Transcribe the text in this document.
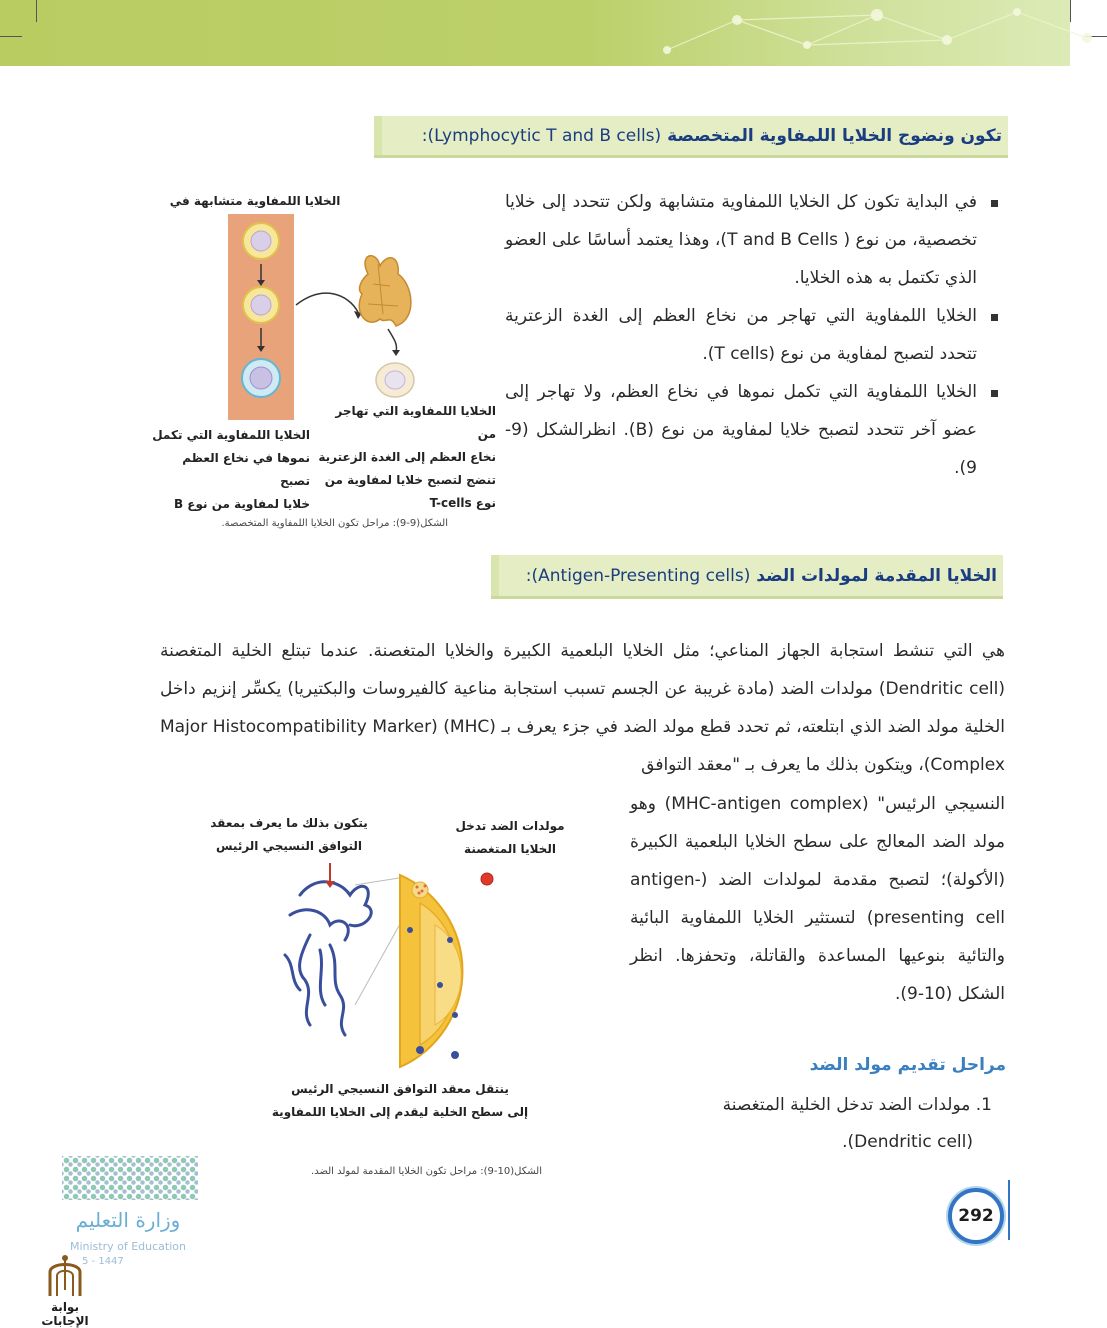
تكون ونضوج الخلايا اللمفاوية المتخصصة

(Lymphocytic T and B cells):
في البداية تكون كل الخلايا اللمفاوية متشابهة ولكن تتحدد إلى خلايا تخصصية، من نوع ( T and B Cells)، وهذا يعتمد أساسًا على العضو الذي تكتمل به هذه الخلايا.
الخلايا اللمفاوية التي تهاجر من نخاع العظم إلى الغدة الزعترية تتحدد لتصبح لمفاوية من نوع (T cells).
الخلايا اللمفاوية التي تكمل نموها في نخاع العظم، ولا تهاجر إلى عضو آخر تتحدد لتصبح خلايا لمفاوية من نوع (B). انظرالشكل (9-9).
الخلايا اللمفاوية متشابهة في
الخلايا اللمفاوية التي تكمل
نموها في نخاع العظم تصبح
خلايا لمفاوية من نوع B
الخلايا اللمفاوية التي تهاجر من
نخاع العظم إلى الغدة الزعترية
تنضج لتصبح خلايا لمفاوية من
نوع T-cells
الشكل(9-9): مراحل تكون الخلايا اللمفاوية المتخصصة.
الخلايا المقدمة لمولدات الضد

(Antigen-Presenting cells):
هي التي تنشط استجابة الجهاز المناعي؛ مثل الخلايا البلعمية الكبيرة والخلايا المتغصنة. عندما تبتلع الخلية المتغصنة (Dendritic cell) مولدات الضد (مادة غريبة عن الجسم تسبب استجابة مناعية كالفيروسات والبكتيريا) يكسِّر إنزيم داخل الخلية مولد الضد الذي ابتلعته، ثم تحدد قطع مولد الضد في جزء يعرف بـ (MHC) (Major Histocompatibility Marker Complex)، ويتكون بذلك ما يعرف بـ "معقد التوافق
النسيجي الرئيس" (MHC-antigen complex) وهو مولد الضد المعالج على سطح الخلايا البلعمية الكبيرة (الأكولة)؛ لتصبح مقدمة لمولدات الضد (antigen-presenting cell) لتستثير الخلايا اللمفاوية البائية والتائية بنوعيها المساعدة والقاتلة، وتحفزها. انظر الشكل (10-9).
مراحل تقديم مولد الضد
1. مولدات الضد تدخل الخلية المتغصنة
(Dendritic cell).
يتكون بذلك ما يعرف بمعقد
التوافق النسيجي الرئيس
مولدات الضد تدخل
الخلايا المتغصنة
ينتقل معقد التوافق النسيجي الرئيس
إلى سطح الخلية ليقدم إلى الخلايا اللمفاوية
الشكل(10-9): مراحل تكون الخلايا المقدمة لمولد الضد.
292
وزارة التعليم
Ministry of Education
5 - 1447
بوابة الإجابات
